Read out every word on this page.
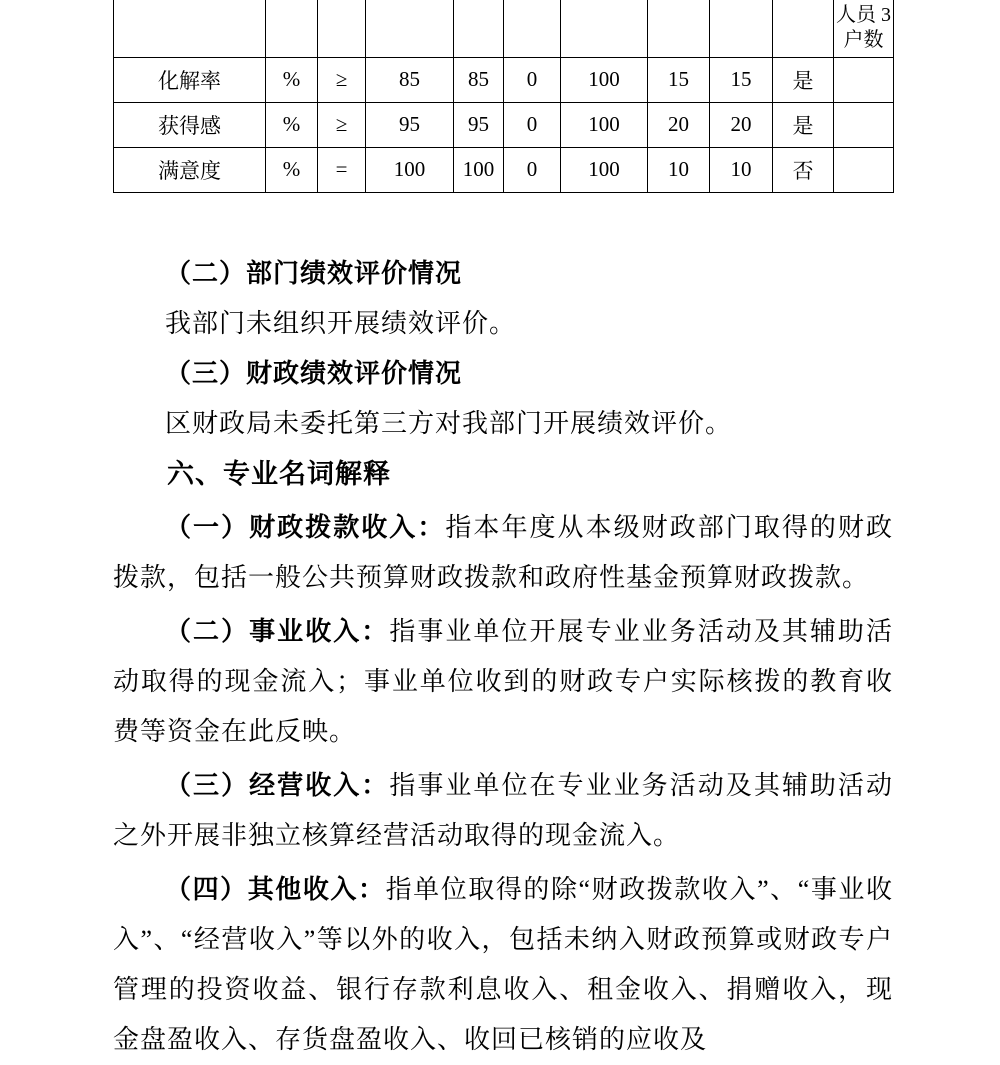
										人员 3
户数

化解率	%	≥	85	85	0	100	15	15	是	
获得感	%	≥	95	95	0	100	20	20	是	
满意度	%	=	100	100	0	100	10	10	否	

（二）部门绩效评价情况

我部门未组织开展绩效评价。

（三）财政绩效评价情况

区财政局未委托第三方对我部门开展绩效评价。

六、专业名词解释

（一）财政拨款收入：指本年度从本级财政部门取得的财政拨款，包括一般公共预算财政拨款和政府性基金预算财政拨款。

（二）事业收入：指事业单位开展专业业务活动及其辅助活动取得的现金流入；事业单位收到的财政专户实际核拨的教育收费等资金在此反映。

（三）经营收入：指事业单位在专业业务活动及其辅助活动之外开展非独立核算经营活动取得的现金流入。

（四）其他收入：指单位取得的除“财政拨款收入”、“事业收入”、“经营收入”等以外的收入，包括未纳入财政预算或财政专户管理的投资收益、银行存款利息收入、租金收入、捐赠收入，现金盘盈收入、存货盘盈收入、收回已核销的应收及
